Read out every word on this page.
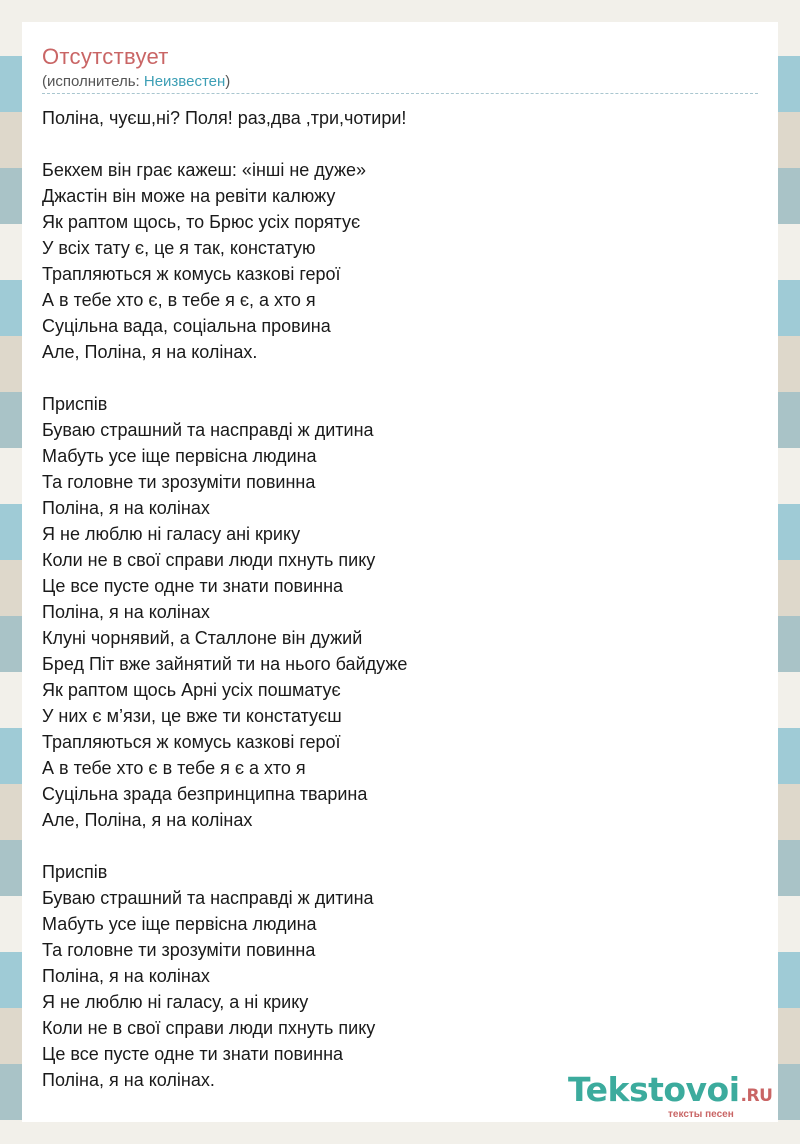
Отсутствует
(исполнитель: Неизвестен)
Поліна, чуєш,ні? Поля! раз,два ,три,чотири!
Бекхем він грає кажеш: «інші не дуже»
Джастін він може на ревіти калюжу
Як раптом щось, то Брюс усіх порятує
У всіх тату є, це я так, констатую
Трапляються ж комусь казкові герої
А в тебе хто є, в тебе я є, а хто я
Суцільна вада, соціальна провина
Але, Поліна, я на колінах.
Приспів
Буваю страшний та насправді ж дитина
Мабуть усе іще первісна людина
Та головне ти зрозуміти повинна
Поліна, я на колінах
Я не люблю ні галасу ані крику
Коли не в свої справи люди пхнуть пику
Це все пусте одне ти знати повинна
Поліна, я на колінах
Клуні чорнявий, а Сталлоне він дужий
Бред Піт вже зайнятий ти на нього байдуже
Як раптом щось Арні усіх пошматує
У них є м’язи, це вже ти констатуєш
Трапляються ж комусь казкові герої
А в тебе хто є в тебе я є а хто я
Суцільна зрада безпринципна тварина
Але, Поліна, я на колінах
Приспів
Буваю страшний та насправді ж дитина
Мабуть усе іще первісна людина
Та головне ти зрозуміти повинна
Поліна, я на колінах
Я не люблю ні галасу, а ні крику
Коли не в свої справи люди пхнуть пику
Це все пусте одне ти знати повинна
Поліна, я на колінах.	Tekstovoi.RU
тексты песен
